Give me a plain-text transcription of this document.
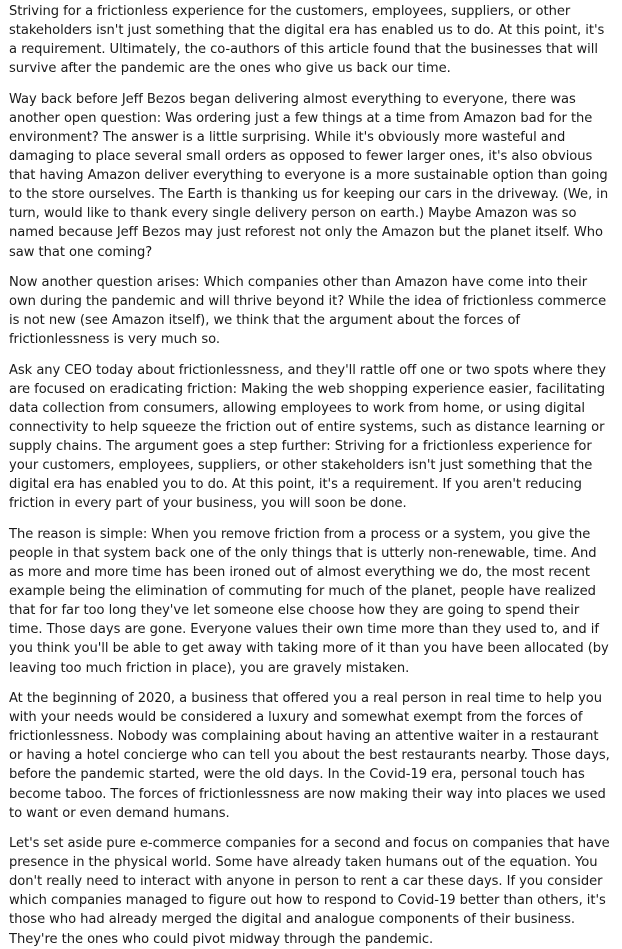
Striving for a frictionless experience for the customers, employees, suppliers, or other stakeholders isn't just something that the digital era has enabled us to do. At this point, it's a requirement. Ultimately, the co-authors of this article found that the businesses that will survive after the pandemic are the ones who give us back our time.

Way back before Jeff Bezos began delivering almost everything to everyone, there was another open question: Was ordering just a few things at a time from Amazon bad for the environment? The answer is a little surprising. While it's obviously more wasteful and damaging to place several small orders as opposed to fewer larger ones, it's also obvious that having Amazon deliver everything to everyone is a more sustainable option than going to the store ourselves. The Earth is thanking us for keeping our cars in the driveway. (We, in turn, would like to thank every single delivery person on earth.) Maybe Amazon was so named because Jeff Bezos may just reforest not only the Amazon but the planet itself. Who saw that one coming?

Now another question arises: Which companies other than Amazon have come into their own during the pandemic and will thrive beyond it? While the idea of frictionless commerce is not new (see Amazon itself), we think that the argument about the forces of frictionlessness is very much so.

Ask any CEO today about frictionlessness, and they'll rattle off one or two spots where they are focused on eradicating friction: Making the web shopping experience easier, facilitating data collection from consumers, allowing employees to work from home, or using digital connectivity to help squeeze the friction out of entire systems, such as distance learning or supply chains. The argument goes a step further: Striving for a frictionless experience for your customers, employees, suppliers, or other stakeholders isn't just something that the digital era has enabled you to do. At this point, it's a requirement. If you aren't reducing friction in every part of your business, you will soon be done.

The reason is simple: When you remove friction from a process or a system, you give the people in that system back one of the only things that is utterly non-renewable, time. And as more and more time has been ironed out of almost everything we do, the most recent example being the elimination of commuting for much of the planet, people have realized that for far too long they've let someone else choose how they are going to spend their time. Those days are gone. Everyone values their own time more than they used to, and if you think you'll be able to get away with taking more of it than you have been allocated (by leaving too much friction in place), you are gravely mistaken.

At the beginning of 2020, a business that offered you a real person in real time to help you with your needs would be considered a luxury and somewhat exempt from the forces of frictionlessness. Nobody was complaining about having an attentive waiter in a restaurant or having a hotel concierge who can tell you about the best restaurants nearby. Those days, before the pandemic started, were the old days. In the Covid-19 era, personal touch has become taboo. The forces of frictionlessness are now making their way into places we used to want or even demand humans.

Let's set aside pure e-commerce companies for a second and focus on companies that have presence in the physical world. Some have already taken humans out of the equation. You don't really need to interact with anyone in person to rent a car these days. If you consider which companies managed to figure out how to respond to Covid-19 better than others, it's those who had already merged the digital and analogue components of their business. They're the ones who could pivot midway through the pandemic.
